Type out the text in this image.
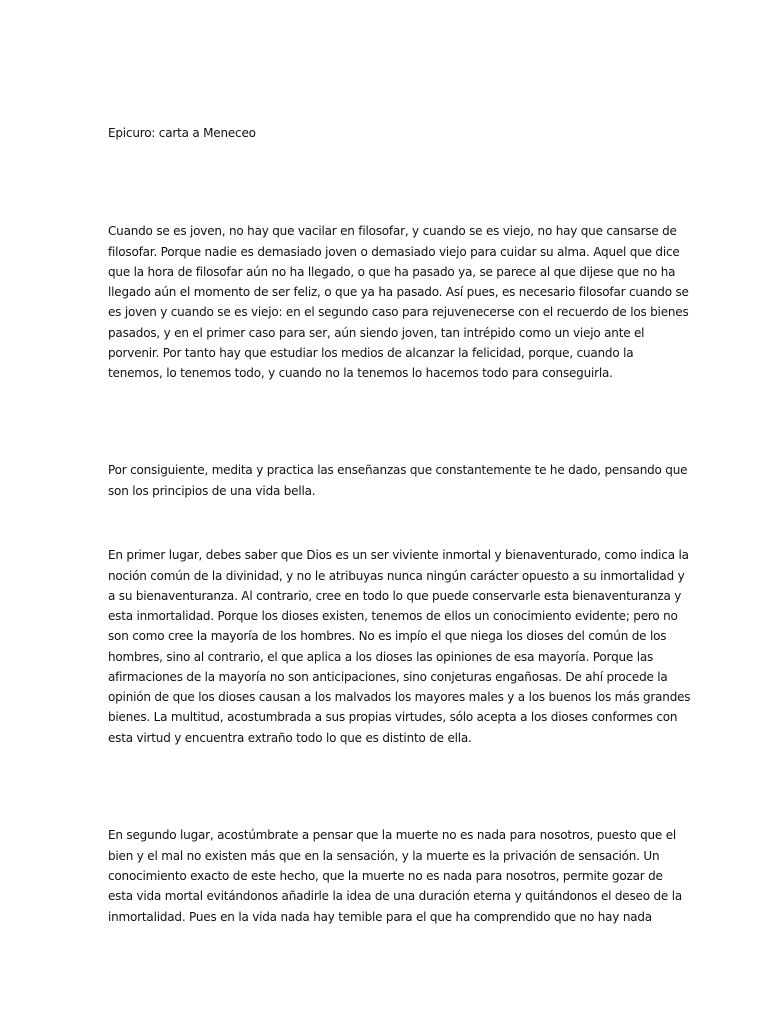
Epicuro: carta a Meneceo
Cuando se es joven, no hay que vacilar en filosofar, y cuando se es viejo, no hay que cansarse de
filosofar. Porque nadie es demasiado joven o demasiado viejo para cuidar su alma. Aquel que dice
que la hora de filosofar aún no ha llegado, o que ha pasado ya, se parece al que dijese que no ha
llegado aún el momento de ser feliz, o que ya ha pasado. Así pues, es necesario filosofar cuando se
es joven y cuando se es viejo: en el segundo caso para rejuvenecerse con el recuerdo de los bienes
pasados, y en el primer caso para ser, aún siendo joven, tan intrépido como un viejo ante el
porvenir. Por tanto hay que estudiar los medios de alcanzar la felicidad, porque, cuando la
tenemos, lo tenemos todo, y cuando no la tenemos lo hacemos todo para conseguirla.
Por consiguiente, medita y practica las enseñanzas que constantemente te he dado, pensando que
son los principios de una vida bella.
En primer lugar, debes saber que Dios es un ser viviente inmortal y bienaventurado, como indica la
noción común de la divinidad, y no le atribuyas nunca ningún carácter opuesto a su inmortalidad y
a su bienaventuranza. Al contrario, cree en todo lo que puede conservarle esta bienaventuranza y
esta inmortalidad. Porque los dioses existen, tenemos de ellos un conocimiento evidente; pero no
son como cree la mayoría de los hombres. No es impío el que niega los dioses del común de los
hombres, sino al contrario, el que aplica a los dioses las opiniones de esa mayoría. Porque las
afirmaciones de la mayoría no son anticipaciones, sino conjeturas engañosas. De ahí procede la
opinión de que los dioses causan a los malvados los mayores males y a los buenos los más grandes
bienes. La multitud, acostumbrada a sus propias virtudes, sólo acepta a los dioses conformes con
esta virtud y encuentra extraño todo lo que es distinto de ella.
En segundo lugar, acostúmbrate a pensar que la muerte no es nada para nosotros, puesto que el
bien y el mal no existen más que en la sensación, y la muerte es la privación de sensación. Un
conocimiento exacto de este hecho, que la muerte no es nada para nosotros, permite gozar de
esta vida mortal evitándonos añadirle la idea de una duración eterna y quitándonos el deseo de la
inmortalidad. Pues en la vida nada hay temible para el que ha comprendido que no hay nada
